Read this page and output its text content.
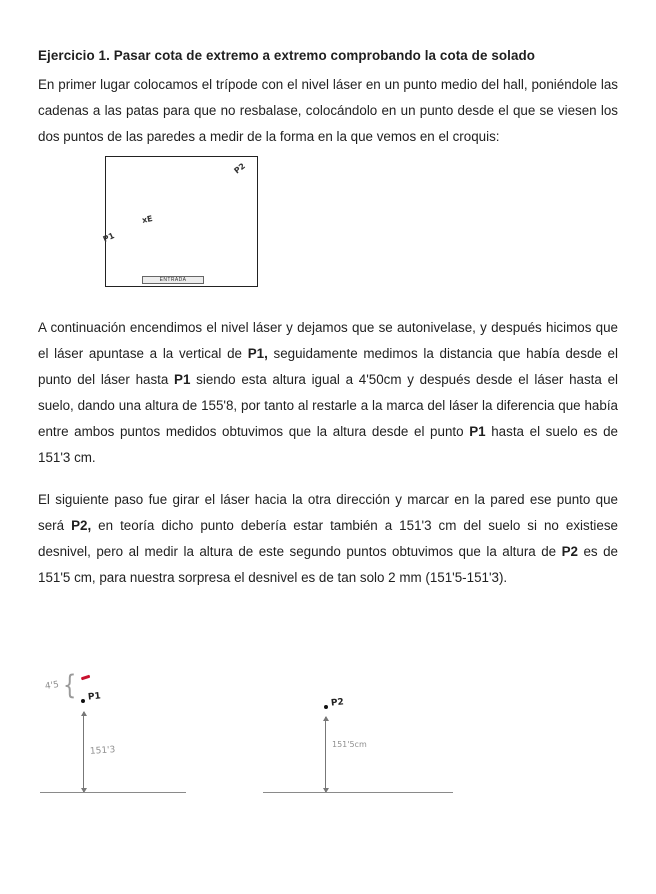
Ejercicio 1. Pasar cota de extremo a extremo comprobando la cota de solado

En primer lugar colocamos el trípode con el nivel láser en un punto medio del hall, poniéndole las cadenas a las patas para que no resbalase, colocándolo en un punto desde el que se viesen los dos puntos de las paredes a medir de la forma en la que vemos en el croquis:

P2
xE
P1
ENTRADA

A continuación encendimos el nivel láser y dejamos que se autonivelase, y después hicimos que el láser apuntase a la vertical de P1, seguidamente medimos la distancia que había desde el punto del láser hasta P1 siendo esta altura igual a 4'50cm y después desde el láser hasta el suelo, dando una altura de 155'8, por tanto al restarle a la marca del láser la diferencia que había entre ambos puntos medidos obtuvimos que la altura desde el punto P1 hasta el suelo es de 151'3 cm.

El siguiente paso fue girar el láser hacia la otra dirección y marcar en la pared ese punto que será P2, en teoría dicho punto debería estar también a 151'3 cm del suelo si no existiese desnivel, pero al medir la altura de este segundo puntos obtuvimos que la altura de P2 es de 151'5 cm, para nuestra sorpresa el desnivel es de tan solo 2 mm (151'5-151'3).

4'5 { P1
151'3
P2
151'5cm
